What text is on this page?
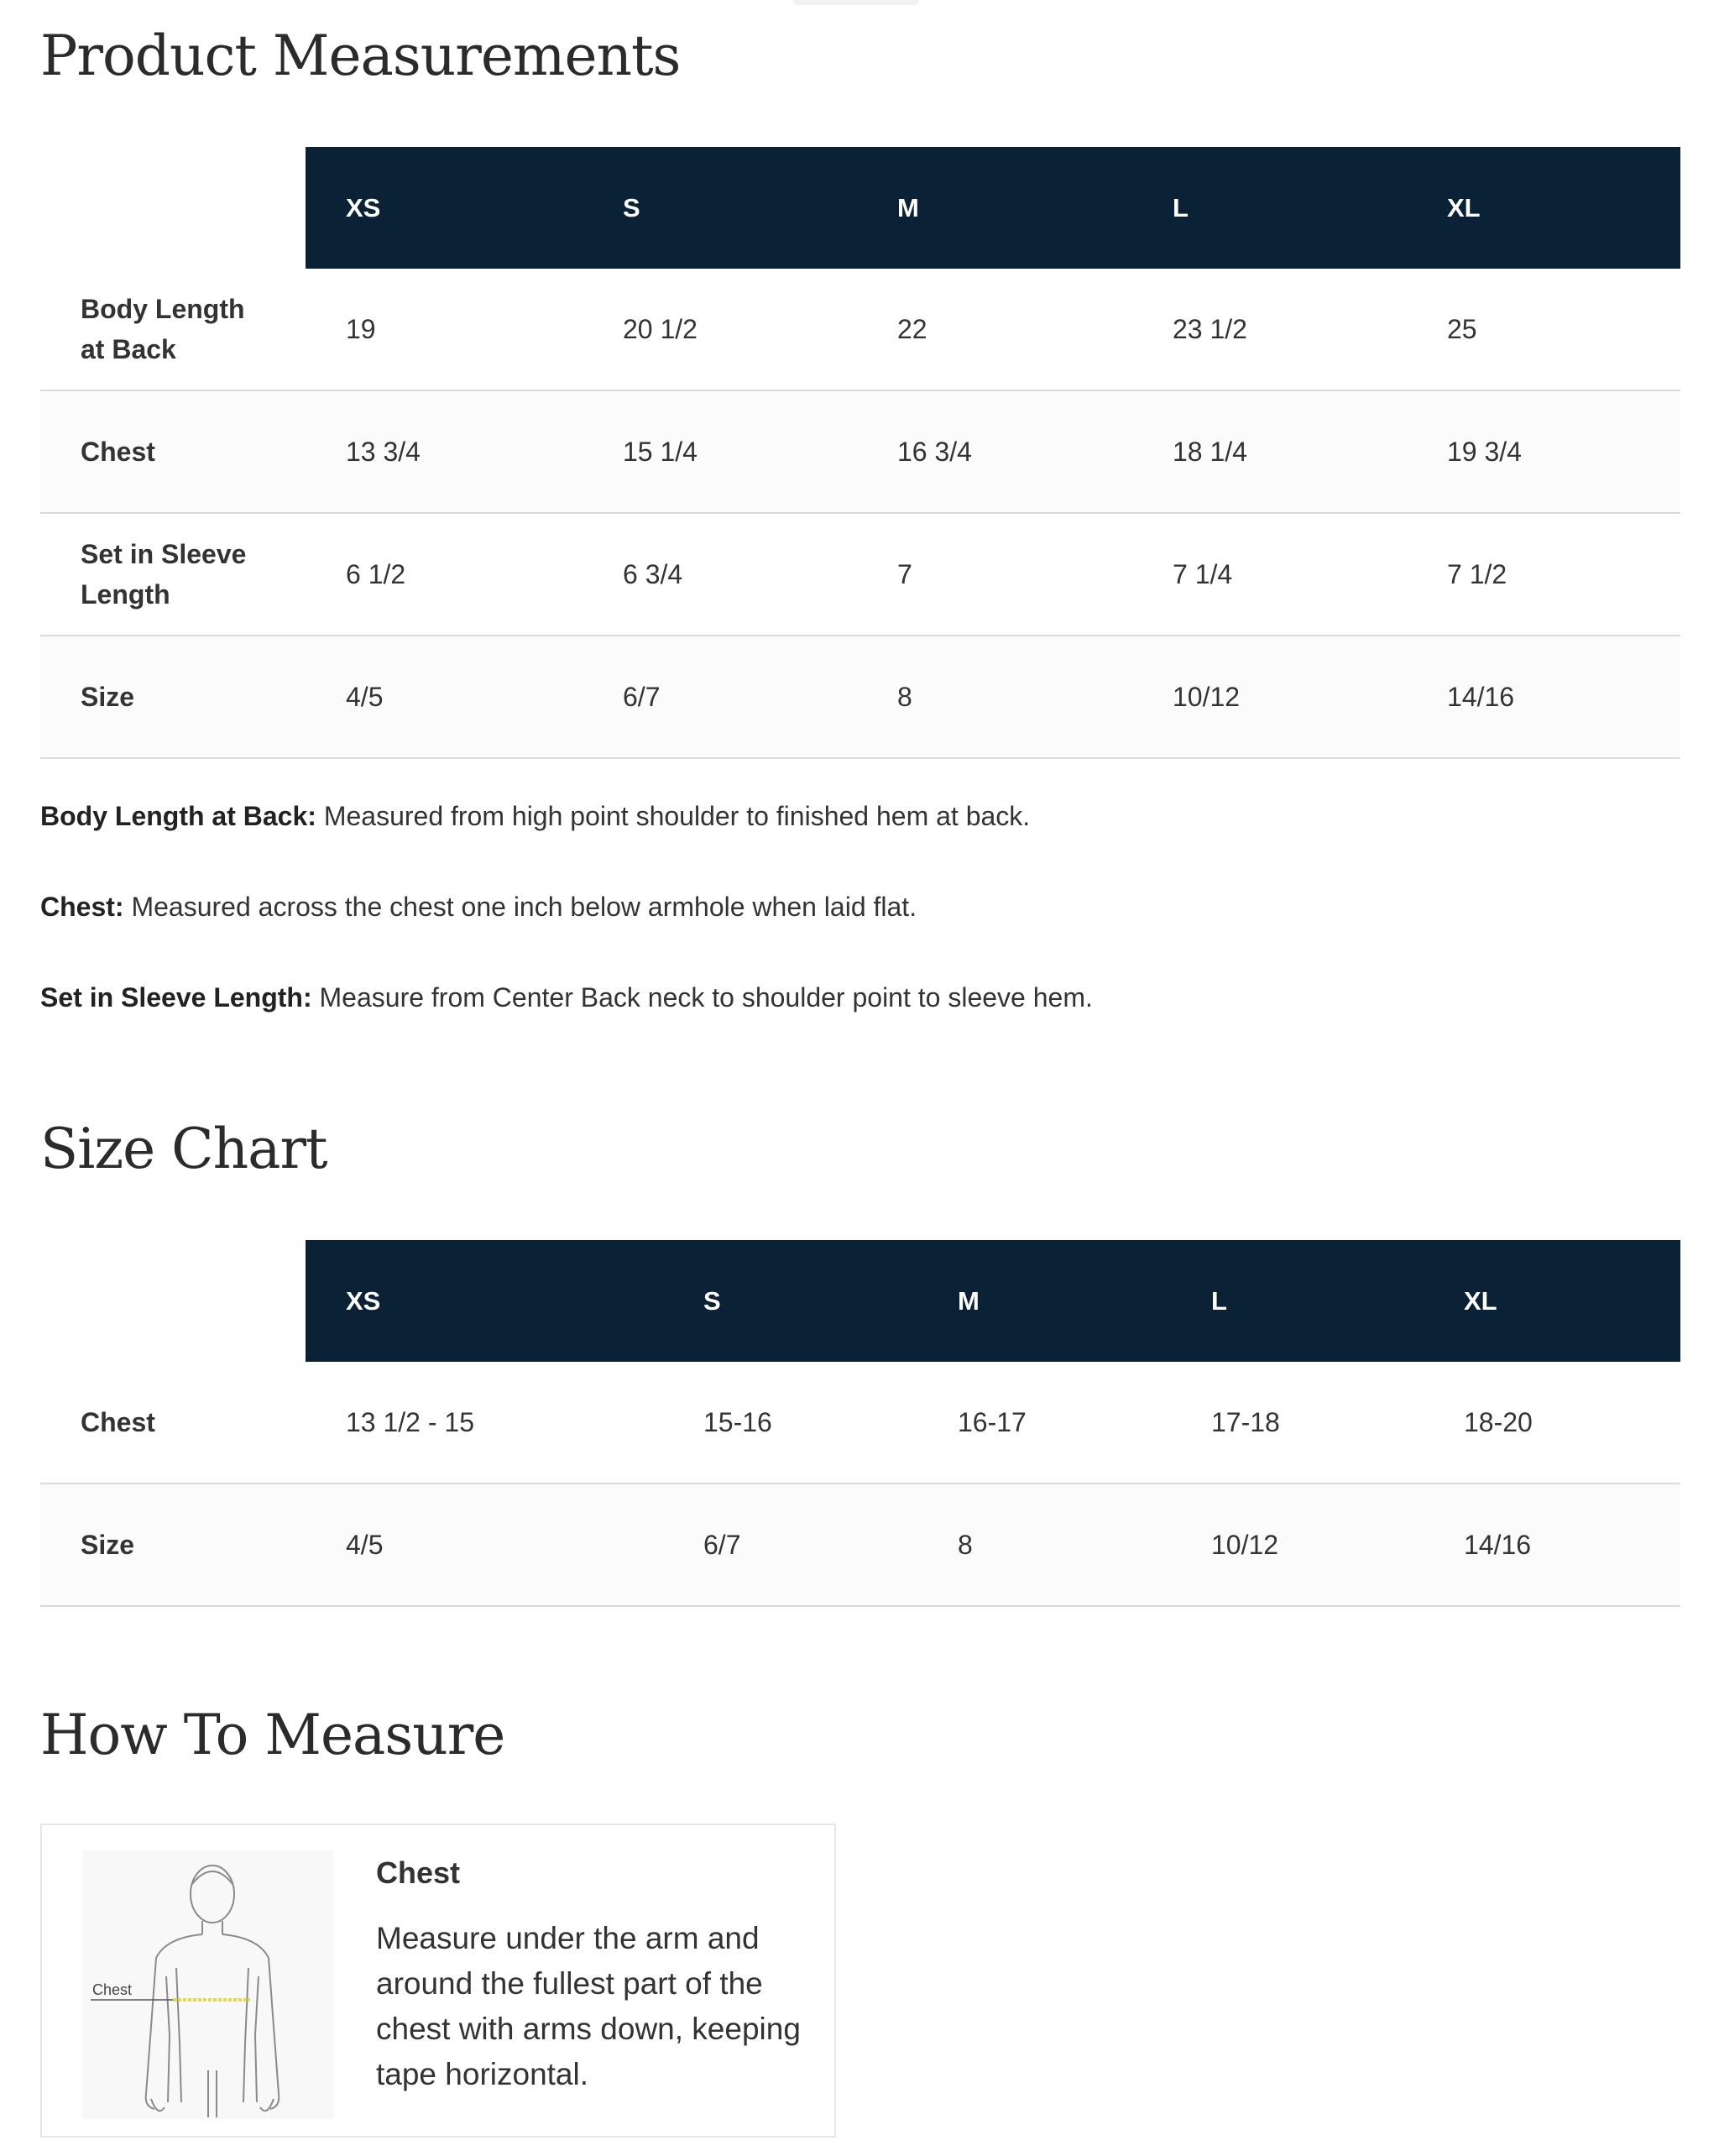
Product Measurements
	XS	S	M	L	XL
Body Length at Back	19	20 1/2	22	23 1/2	25
Chest	13 3/4	15 1/4	16 3/4	18 1/4	19 3/4
Set in Sleeve Length	6 1/2	6 3/4	7	7 1/4	7 1/2
Size	4/5	6/7	8	10/12	14/16

Body Length at Back: Measured from high point shoulder to finished hem at back.

Chest: Measured across the chest one inch below armhole when laid flat.

Set in Sleeve Length: Measure from Center Back neck to shoulder point to sleeve hem.

Size Chart
	XS	S	M	L	XL
Chest	13 1/2 - 15	15-16	16-17	17-18	18-20
Size	4/5	6/7	8	10/12	14/16
How To Measure
Chest
Chest

Measure under the arm and around the fullest part of the chest with arms down, keeping tape horizontal.
